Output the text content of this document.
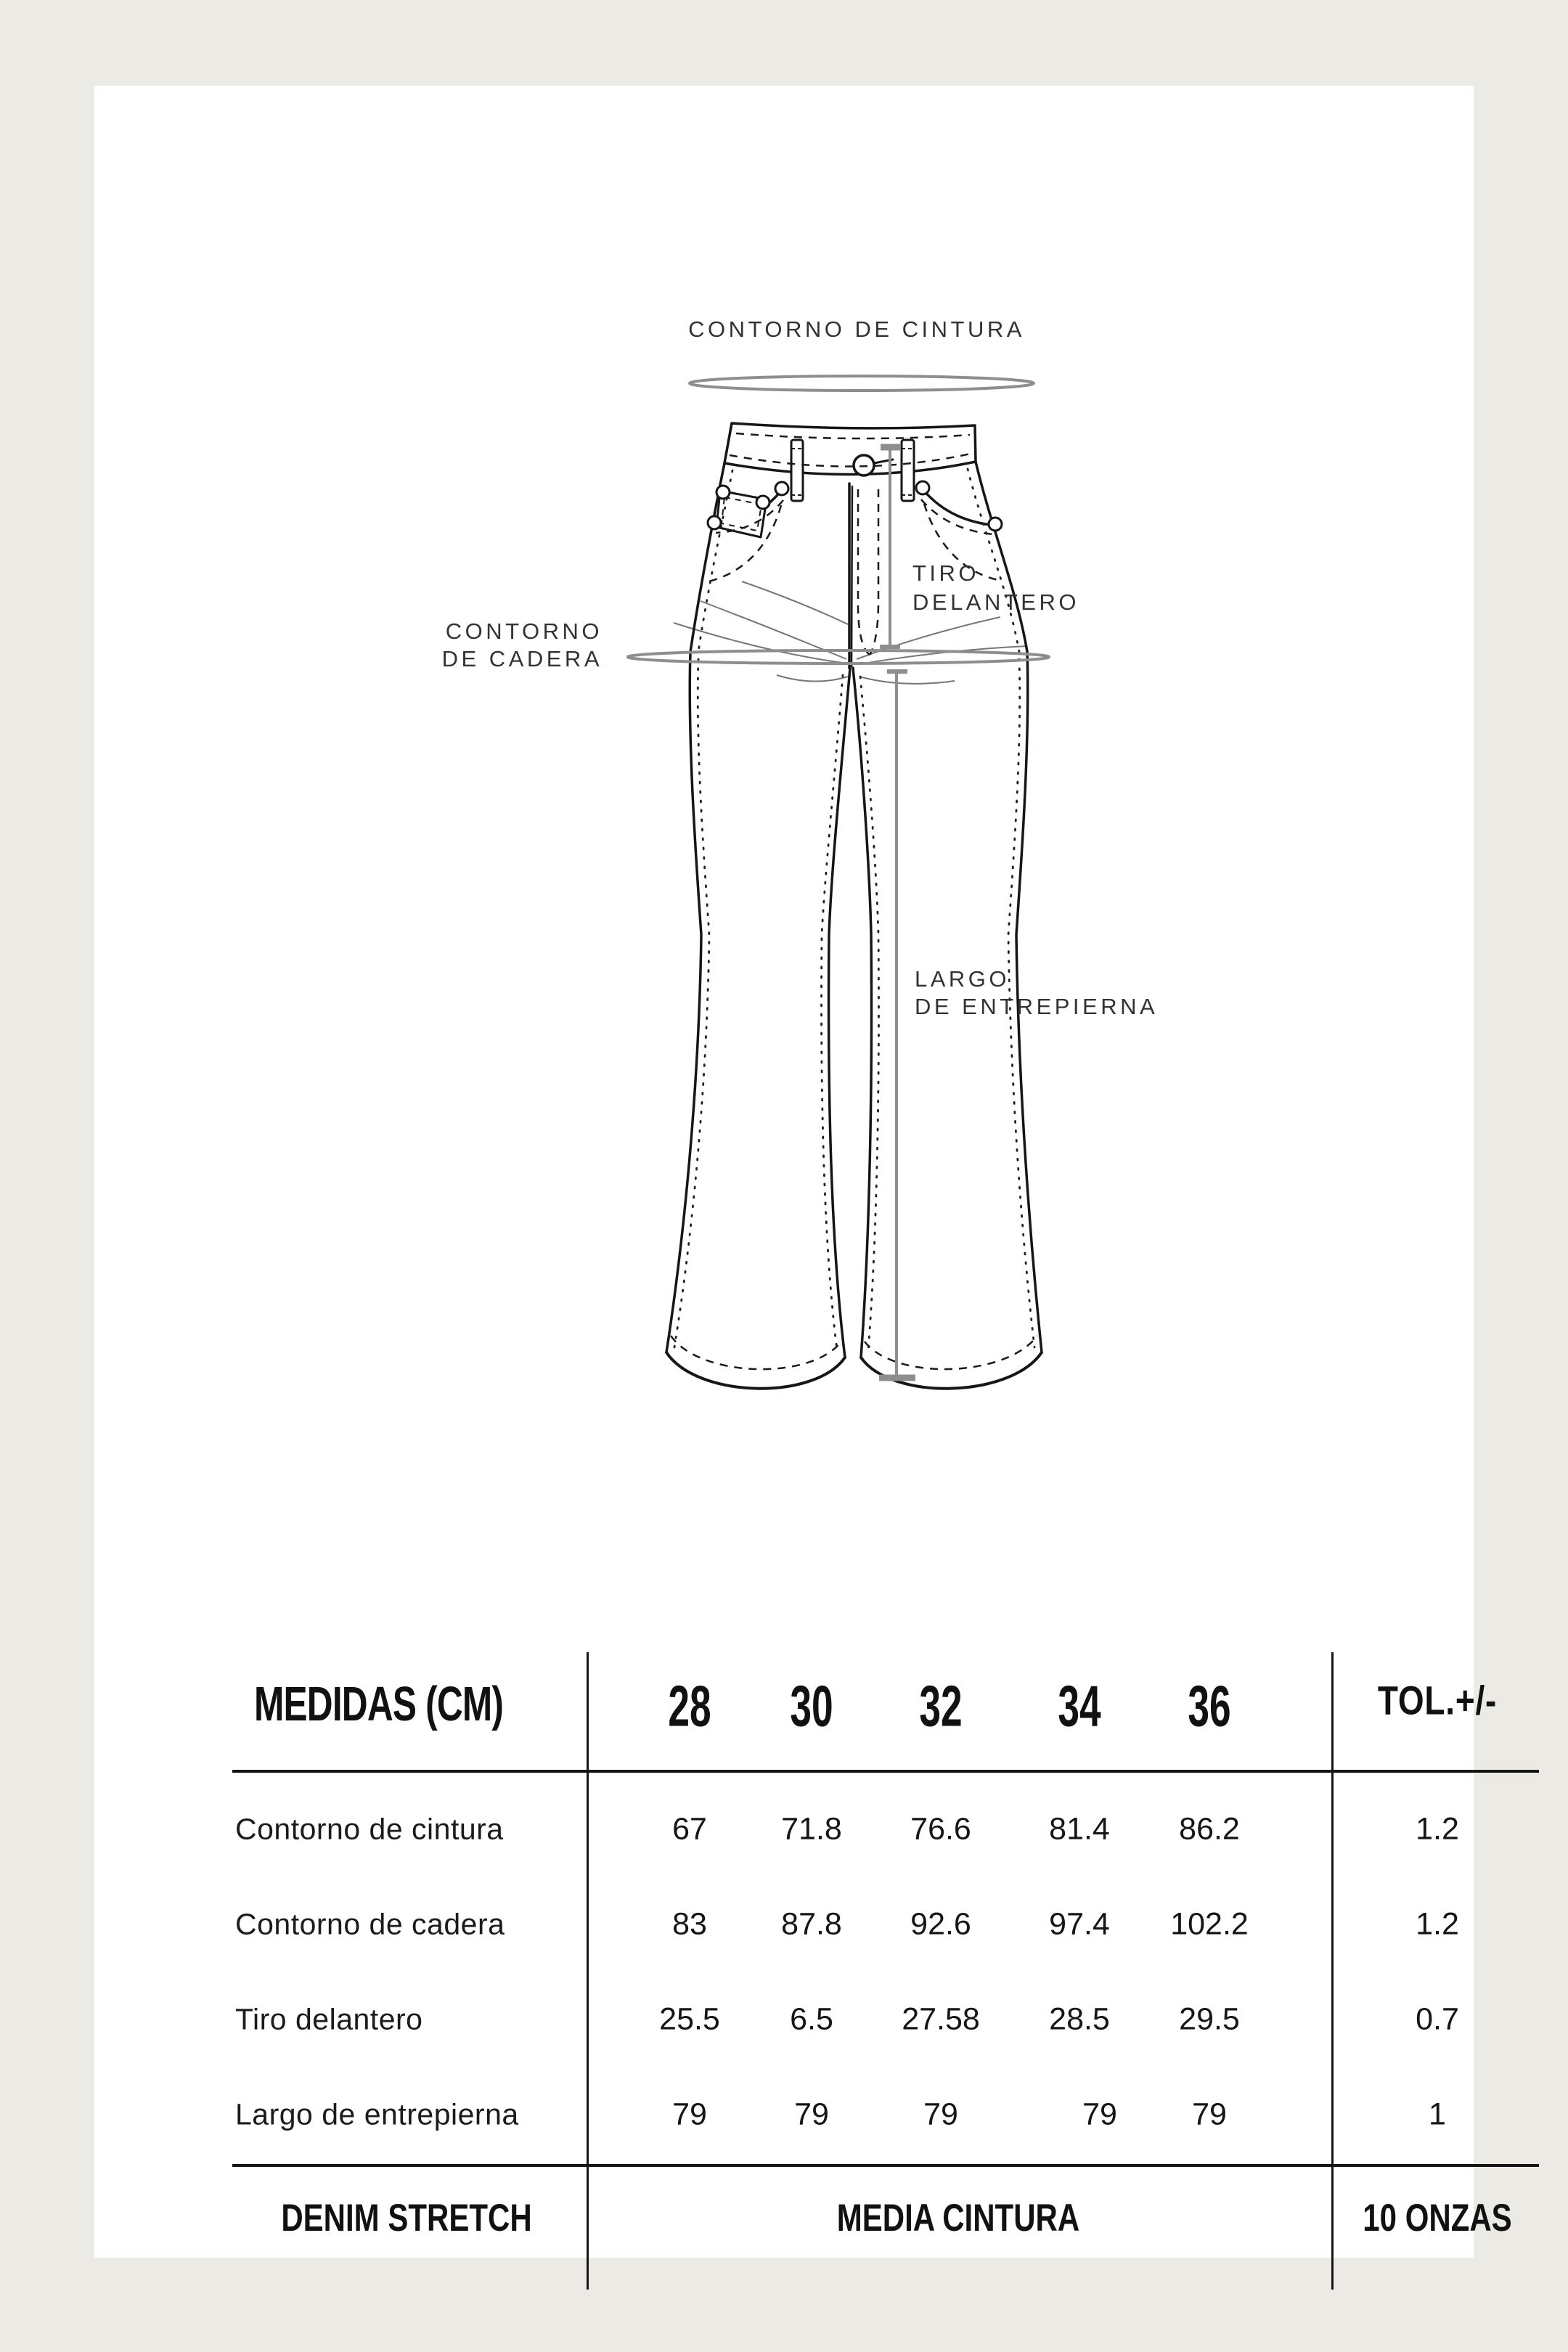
CONTORNO DE CINTURA
CONTORNO
DE CADERA
TIRO
DELANTERO
LARGO
DE ENTREPIERNA
MEDIDAS (CM)	28 30 32 34 36	TOL.+/-
Contorno de cintura	67 71.8 76.6 81.4 86.2	1.2
Contorno de cadera	83 87.8 92.6 97.4 102.2	1.2
Tiro delantero	25.5 6.5 27.58 28.5 29.5	0.7
Largo de entrepierna	79	79	79	79 79	1
DENIM STRETCH	MEDIA CINTURA	10 ONZAS
